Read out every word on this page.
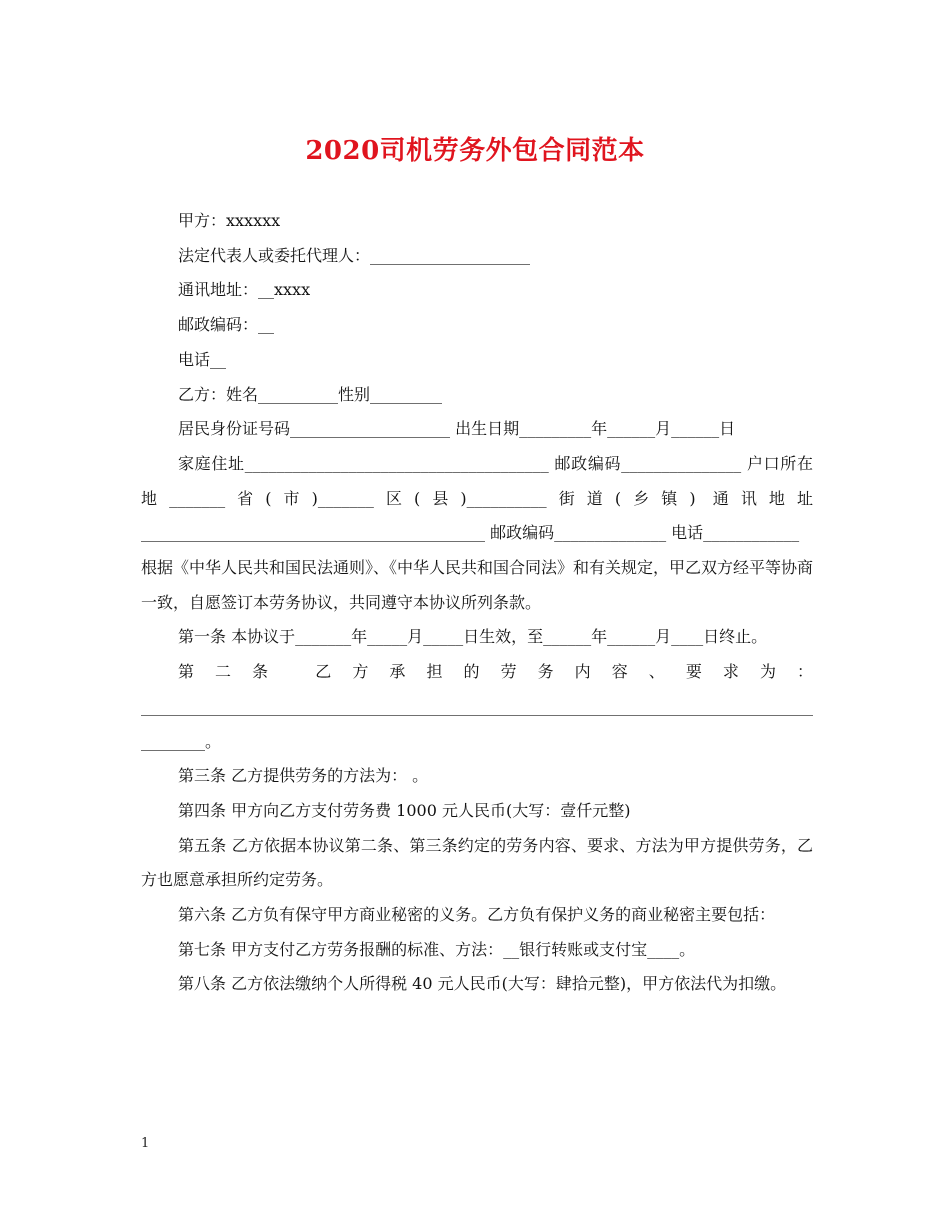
2020司机劳务外包合同范本

甲方：xxxxxx

法定代表人或委托代理人：____________________

通讯地址：__xxxx

邮政编码：__

电话__

乙方：姓名__________性别_________

居民身份证号码____________________ 出生日期_________年______月______日

家庭住址______________________________________ 邮政编码_______________ 户口所在地_______省(市)_______区(县)__________街道(乡镇) 通讯地址___________________________________________ 邮政编码______________ 电话____________

根据《中华人民共和国民法通则》、《中华人民共和国合同法》和有关规定，甲乙双方经平等协商一致，自愿签订本劳务协议，共同遵守本协议所列条款。

第一条 本协议于_______年_____月_____日生效，至______年______月____日终止。

第二条 乙方承担的劳务内容、要求为：____________________________________________________________________________________________。

第三条 乙方提供劳务的方法为： 。

第四条 甲方向乙方支付劳务费 1000 元人民币(大写：壹仟元整)

第五条 乙方依据本协议第二条、第三条约定的劳务内容、要求、方法为甲方提供劳务，乙方也愿意承担所约定劳务。

第六条 乙方负有保守甲方商业秘密的义务。乙方负有保护义务的商业秘密主要包括：

第七条 甲方支付乙方劳务报酬的标准、方法：__银行转账或支付宝____。

第八条 乙方依法缴纳个人所得税 40 元人民币(大写：肆拾元整)，甲方依法代为扣缴。

1
